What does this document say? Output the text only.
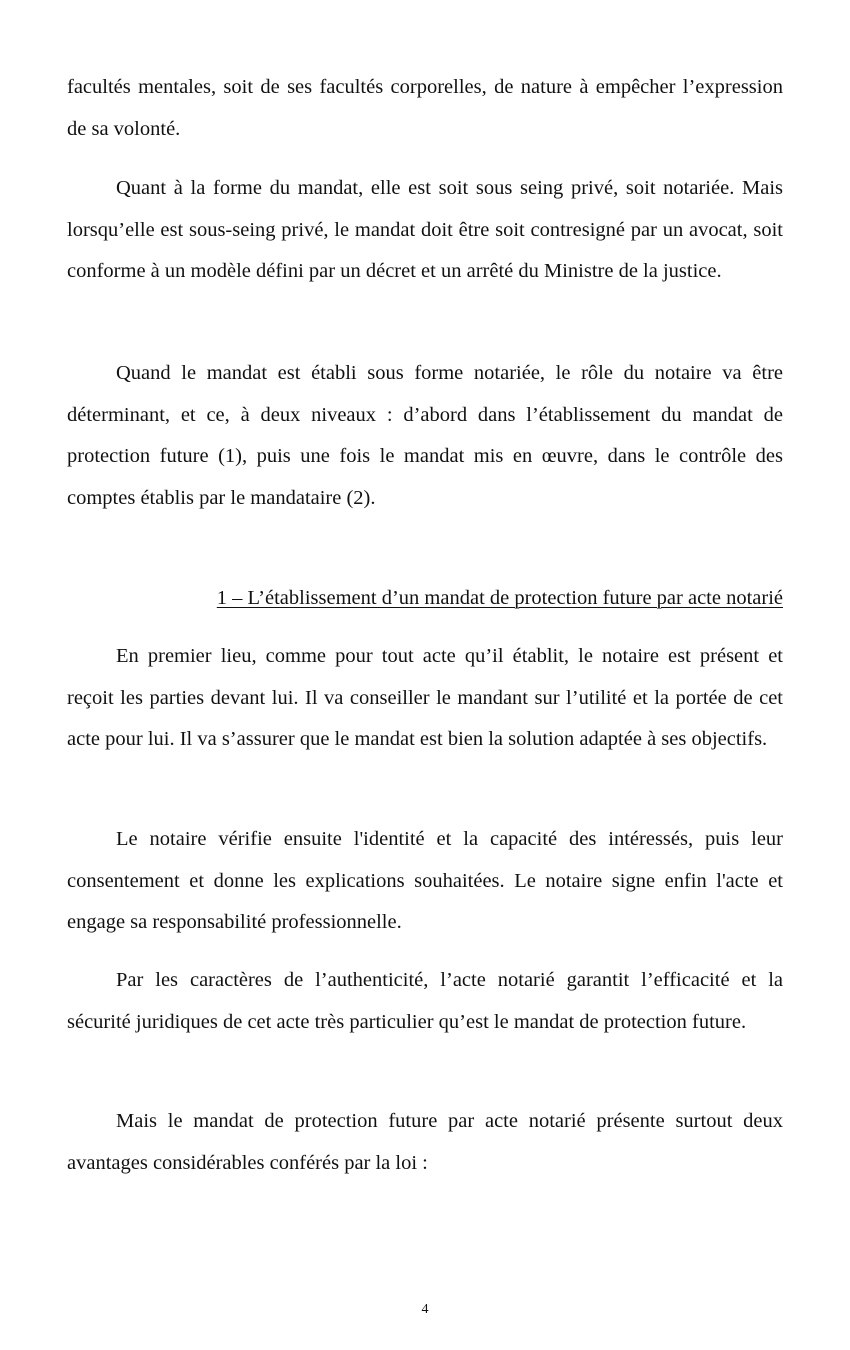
facultés mentales, soit de ses facultés corporelles, de nature à empêcher l’expression de sa volonté.

Quant à la forme du mandat, elle est soit sous seing privé, soit notariée. Mais lorsqu’elle est sous-seing privé, le mandat doit être soit contresigné par un avocat, soit conforme à un modèle défini par un décret et un arrêté du Ministre de la justice.

Quand le mandat est établi sous forme notariée, le rôle du notaire va être déterminant, et ce, à deux niveaux : d’abord dans l’établissement du mandat de protection future (1), puis une fois le mandat mis en œuvre, dans le contrôle des comptes établis par le mandataire (2).

1 – L’établissement d’un mandat de protection future par acte notarié

En premier lieu, comme pour tout acte qu’il établit, le notaire est présent et reçoit les parties devant lui. Il va conseiller le mandant sur l’utilité et la portée de cet acte pour lui. Il va s’assurer que le mandat est bien la solution adaptée à ses objectifs.

Le notaire vérifie ensuite l'identité et la capacité des intéressés, puis leur consentement et donne les explications souhaitées. Le notaire signe enfin l'acte et engage sa responsabilité professionnelle.

Par les caractères de l’authenticité, l’acte notarié garantit l’efficacité et la sécurité juridiques de cet acte très particulier qu’est le mandat de protection future.

Mais le mandat de protection future par acte notarié présente surtout deux avantages considérables conférés par la loi :

4
